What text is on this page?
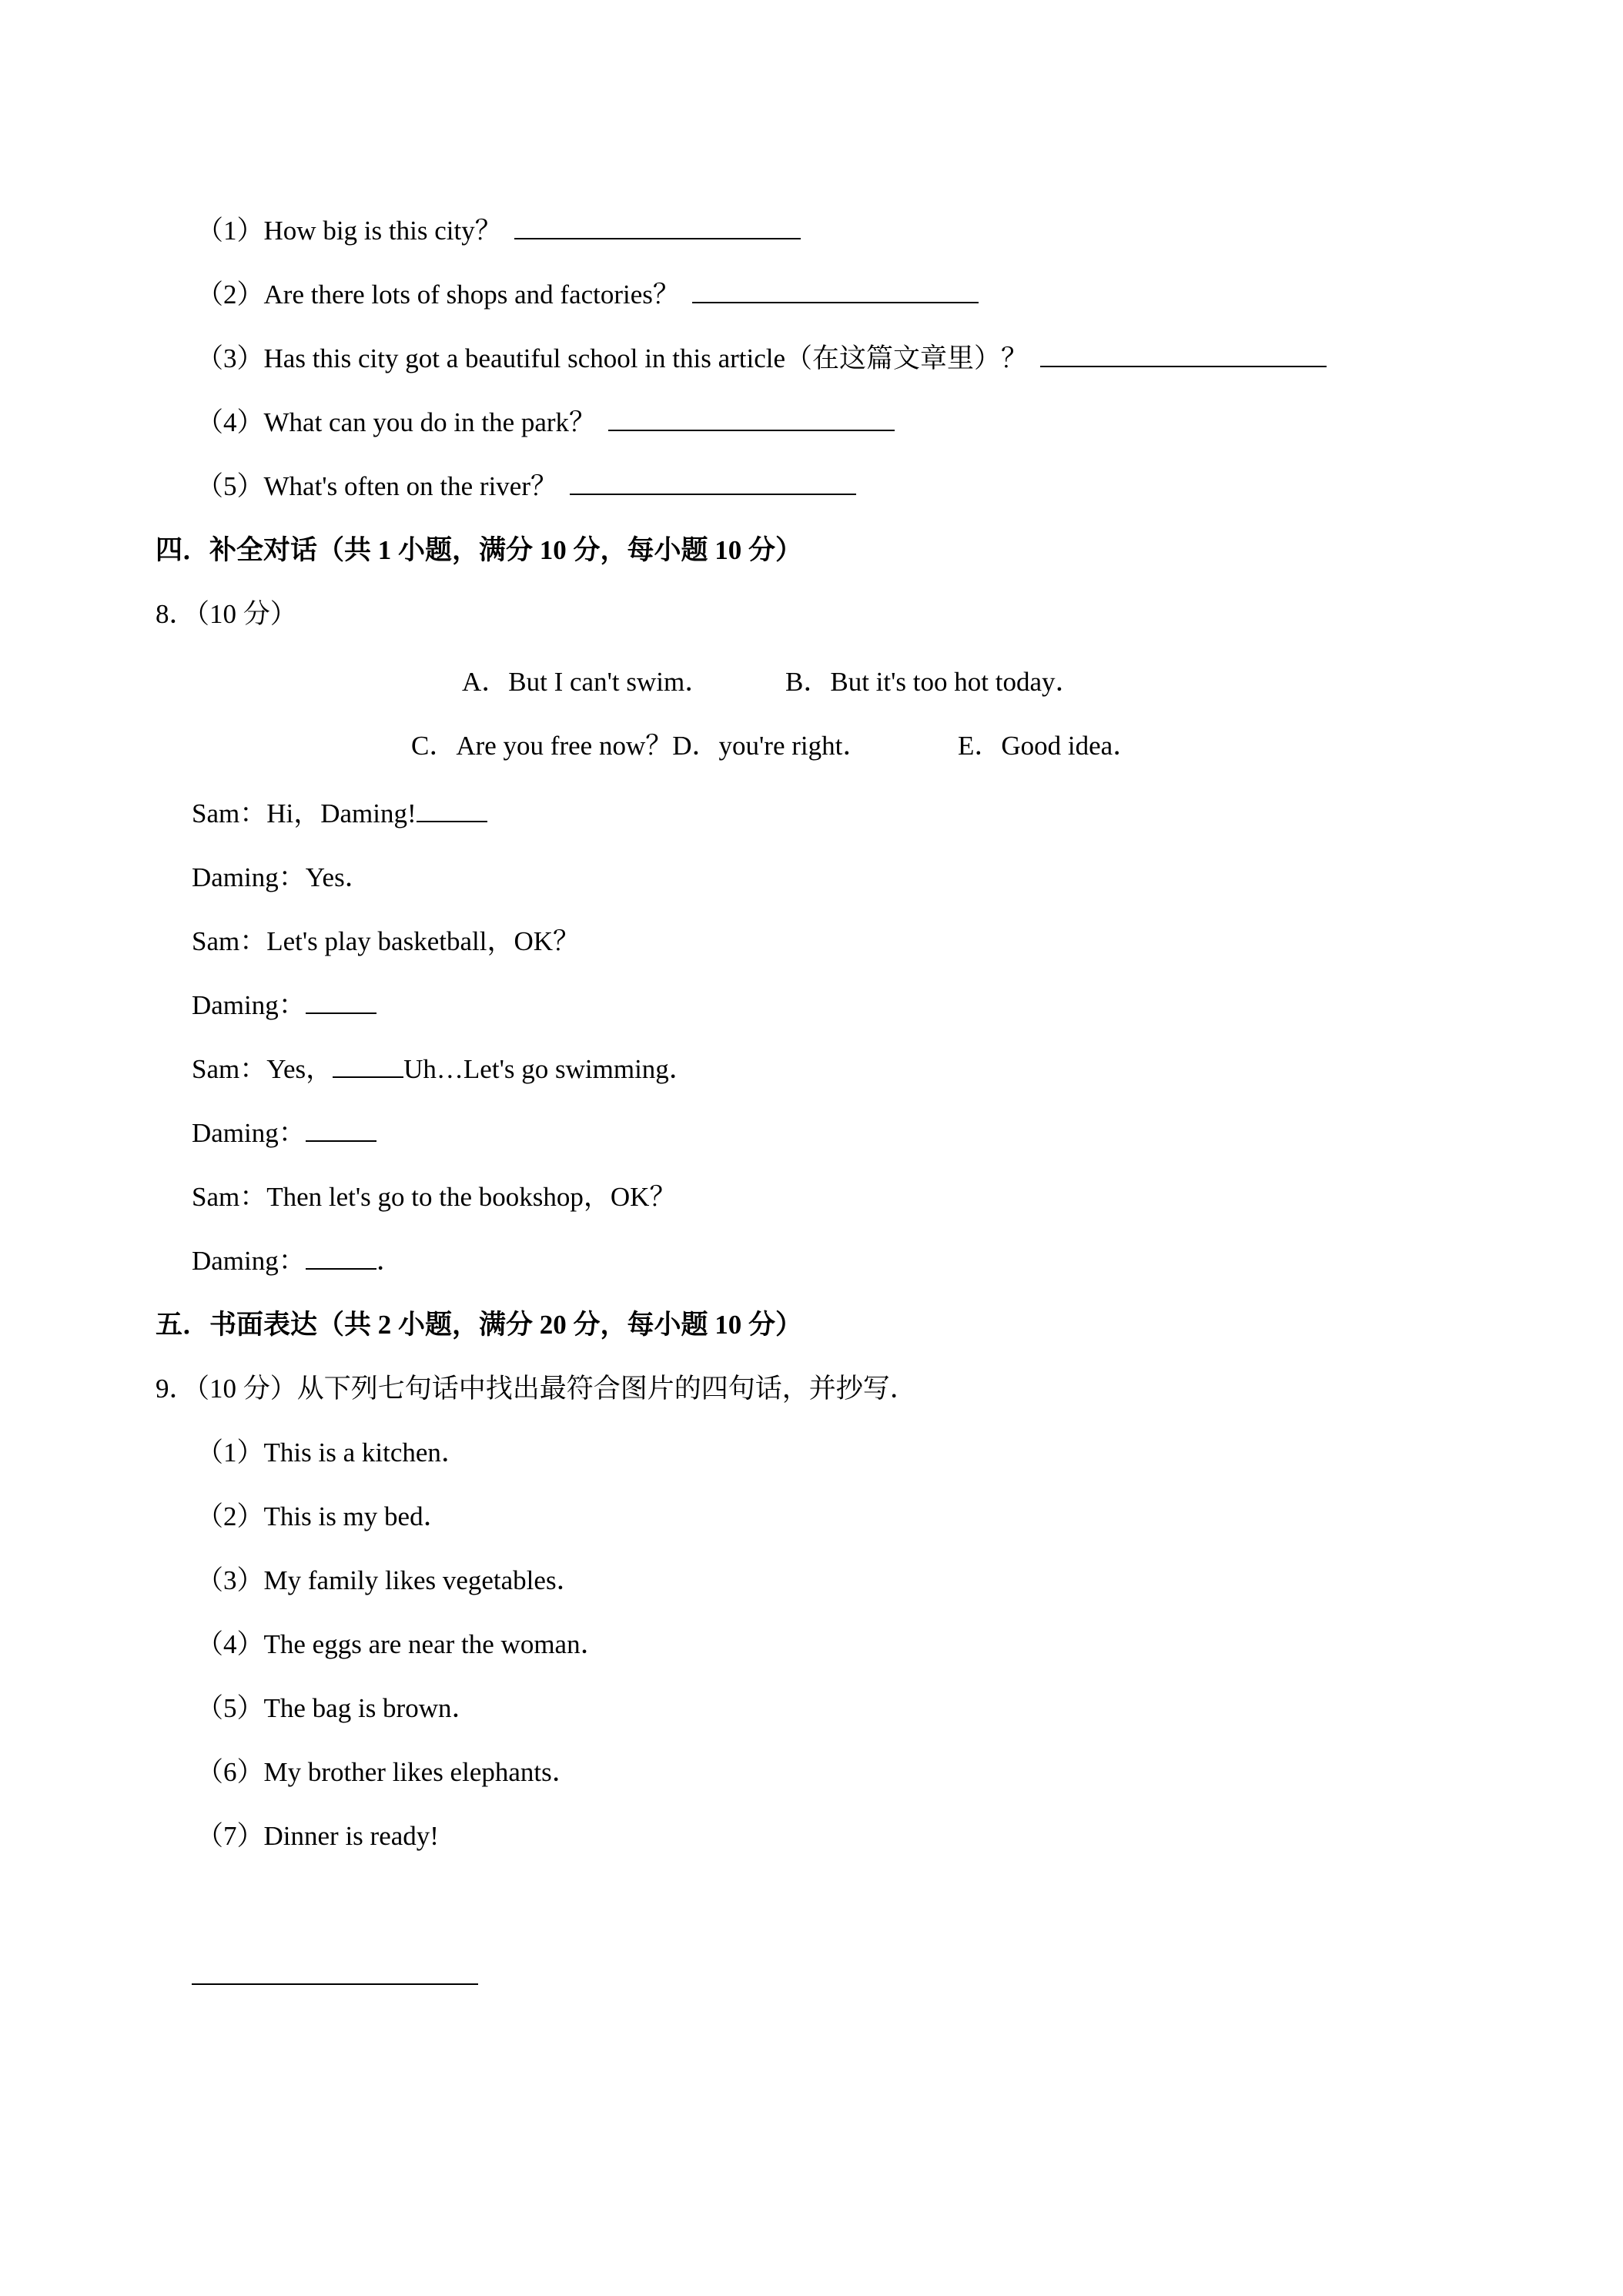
（1）How big is this city？
（2）Are there lots of shops and factories？
（3）Has this city got a beautiful school in this article（在这篇文章里）？
（4）What can you do in the park？
（5）What's often on the river？
四．补全对话（共 1 小题，满分 10 分，每小题 10 分）
8．（10 分）
A．But I can't swim．	B．But it's too hot today．
C．Are you free now？D．you're right．	E．Good idea．
Sam：Hi，Daming!
Daming：Yes．
Sam：Let's play basketball，OK？
Daming：
Sam：Yes，	Uh…Let's go swimming．
Daming：
Sam：Then let's go to the bookshop，OK？
Daming：	．
五．书面表达（共 2 小题，满分 20 分，每小题 10 分）
9．（10 分）从下列七句话中找出最符合图片的四句话，并抄写．
（1）This is a kitchen．
（2）This is my bed．
（3）My family likes vegetables．
（4）The eggs are near the woman．
（5）The bag is brown．
（6）My brother likes elephants．
（7）Dinner is ready!
